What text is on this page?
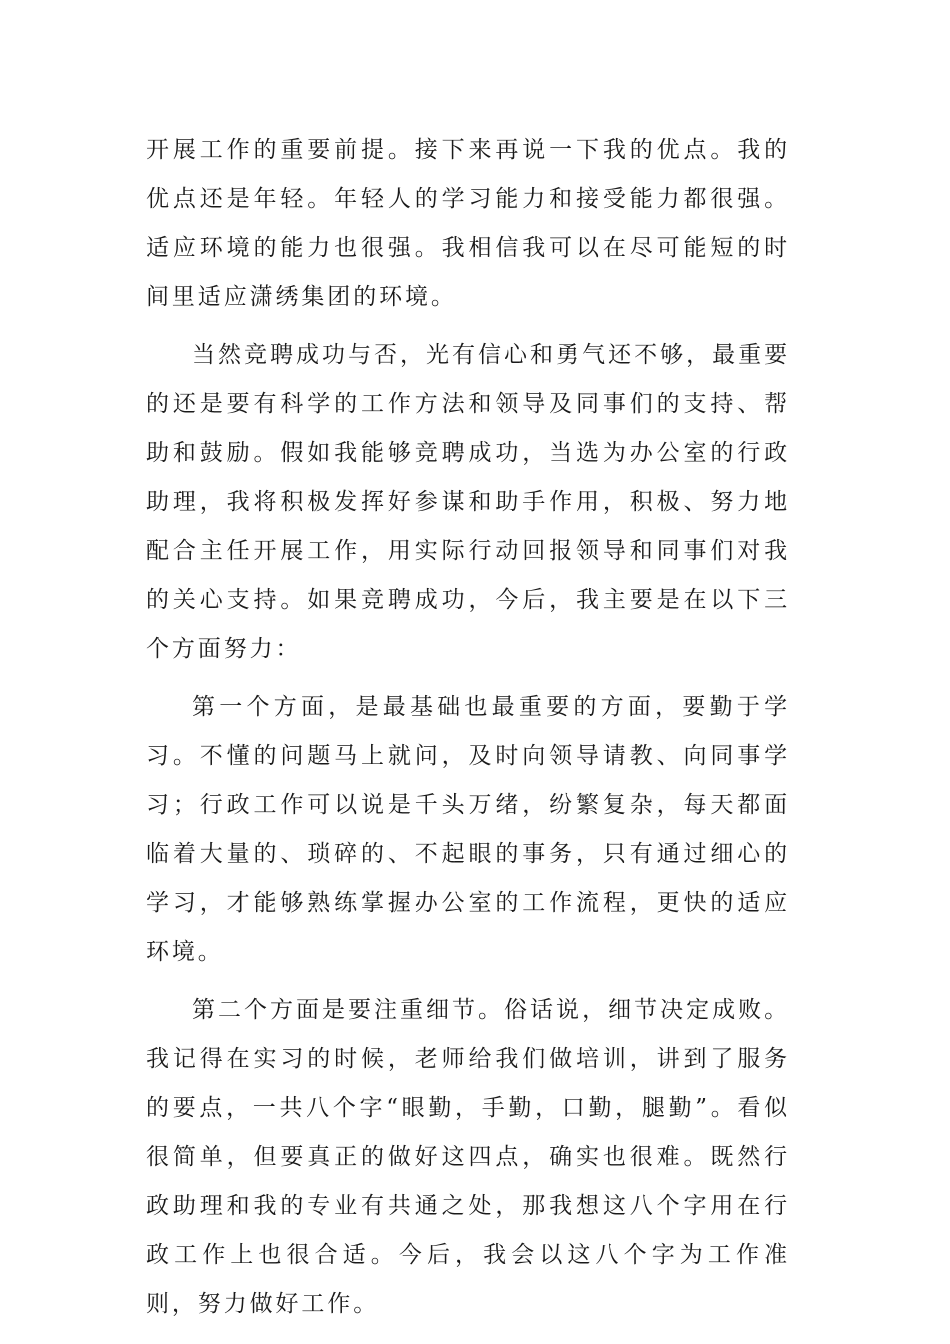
开展工作的重要前提。接下来再说一下我的优点。我的优点还是年轻。年轻人的学习能力和接受能力都很强。适应环境的能力也很强。我相信我可以在尽可能短的时间里适应潇绣集团的环境。

当然竞聘成功与否，光有信心和勇气还不够，最重要的还是要有科学的工作方法和领导及同事们的支持、帮助和鼓励。假如我能够竞聘成功，当选为办公室的行政助理，我将积极发挥好参谋和助手作用，积极、努力地配合主任开展工作，用实际行动回报领导和同事们对我的关心支持。如果竞聘成功，今后，我主要是在以下三个方面努力：

第一个方面，是最基础也最重要的方面，要勤于学习。不懂的问题马上就问，及时向领导请教、向同事学习；行政工作可以说是千头万绪，纷繁复杂，每天都面临着大量的、琐碎的、不起眼的事务，只有通过细心的学习，才能够熟练掌握办公室的工作流程，更快的适应环境。

第二个方面是要注重细节。俗话说，细节决定成败。我记得在实习的时候，老师给我们做培训，讲到了服务的要点，一共八个字“眼勤，手勤，口勤，腿勤”。看似很简单，但要真正的做好这四点，确实也很难。既然行政助理和我的专业有共通之处，那我想这八个字用在行政工作上也很合适。今后，我会以这八个字为工作准则，努力做好工作。
